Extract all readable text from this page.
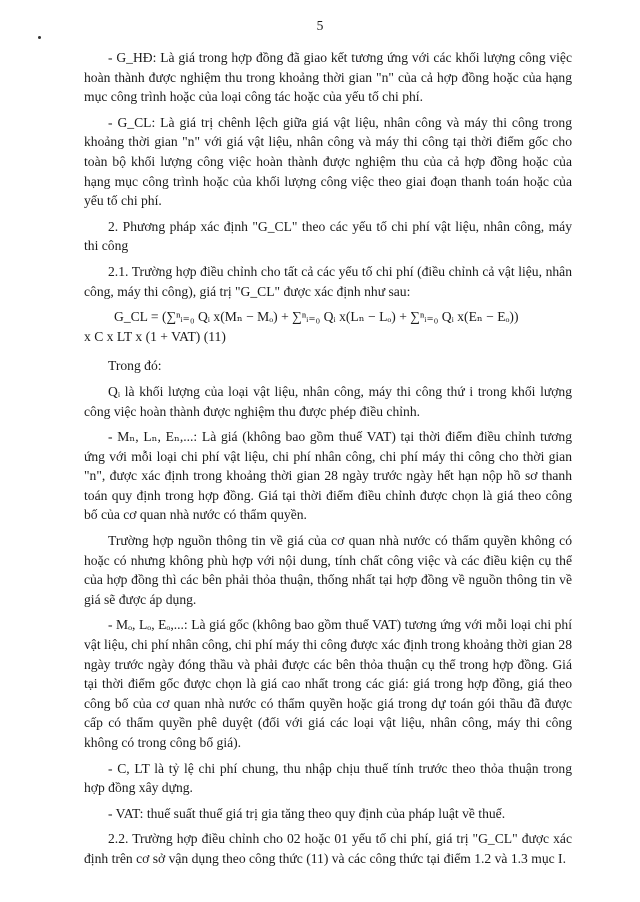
5

- G_HĐ: Là giá trong hợp đồng đã giao kết tương ứng với các khối lượng công việc hoàn thành được nghiệm thu trong khoảng thời gian "n" của cả hợp đồng hoặc của hạng mục công trình hoặc của loại công tác hoặc của yếu tố chi phí.

- G_CL: Là giá trị chênh lệch giữa giá vật liệu, nhân công và máy thi công trong khoảng thời gian "n" với giá vật liệu, nhân công và máy thi công tại thời điểm gốc cho toàn bộ khối lượng công việc hoàn thành được nghiệm thu của cả hợp đồng hoặc của hạng mục công trình hoặc của khối lượng công việc theo giai đoạn thanh toán hoặc của yếu tố chi phí.

2. Phương pháp xác định "G_CL" theo các yếu tố chi phí vật liệu, nhân công, máy thi công

2.1. Trường hợp điều chỉnh cho tất cả các yếu tố chi phí (điều chỉnh cả vật liệu, nhân công, máy thi công), giá trị "G_CL" được xác định như sau:

G_CL = (∑ⁿᵢ₌₀ Qᵢ x(Mₙ − Mₒ) + ∑ⁿᵢ₌₀ Qᵢ x(Lₙ − Lₒ) + ∑ⁿᵢ₌₀ Qᵢ x(Eₙ − Eₒ))
x C x LT x (1 + VAT) (11)

Trong đó:

Qᵢ là khối lượng của loại vật liệu, nhân công, máy thi công thứ i trong khối lượng công việc hoàn thành được nghiệm thu được phép điều chỉnh.

- Mₙ, Lₙ, Eₙ,...: Là giá (không bao gồm thuế VAT) tại thời điểm điều chỉnh tương ứng với mỗi loại chi phí vật liệu, chi phí nhân công, chi phí máy thi công cho thời gian "n", được xác định trong khoảng thời gian 28 ngày trước ngày hết hạn nộp hồ sơ thanh toán quy định trong hợp đồng. Giá tại thời điểm điều chỉnh được chọn là giá theo công bố của cơ quan nhà nước có thẩm quyền.

Trường hợp nguồn thông tin về giá của cơ quan nhà nước có thẩm quyền không có hoặc có nhưng không phù hợp với nội dung, tính chất công việc và các điều kiện cụ thể của hợp đồng thì các bên phải thỏa thuận, thống nhất tại hợp đồng về nguồn thông tin về giá sẽ được áp dụng.

- Mₒ, Lₒ, Eₒ,...: Là giá gốc (không bao gồm thuế VAT) tương ứng với mỗi loại chi phí vật liệu, chi phí nhân công, chi phí máy thi công được xác định trong khoảng thời gian 28 ngày trước ngày đóng thầu và phải được các bên thỏa thuận cụ thể trong hợp đồng. Giá tại thời điểm gốc được chọn là giá cao nhất trong các giá: giá trong hợp đồng, giá theo công bố của cơ quan nhà nước có thẩm quyền hoặc giá trong dự toán gói thầu đã được cấp có thẩm quyền phê duyệt (đối với giá các loại vật liệu, nhân công, máy thi công không có trong công bố giá).

- C, LT là tỷ lệ chi phí chung, thu nhập chịu thuế tính trước theo thỏa thuận trong hợp đồng xây dựng.

- VAT: thuế suất thuế giá trị gia tăng theo quy định của pháp luật về thuế.

2.2. Trường hợp điều chỉnh cho 02 hoặc 01 yếu tố chi phí, giá trị "G_CL" được xác định trên cơ sở vận dụng theo công thức (11) và các công thức tại điểm 1.2 và 1.3 mục I.
